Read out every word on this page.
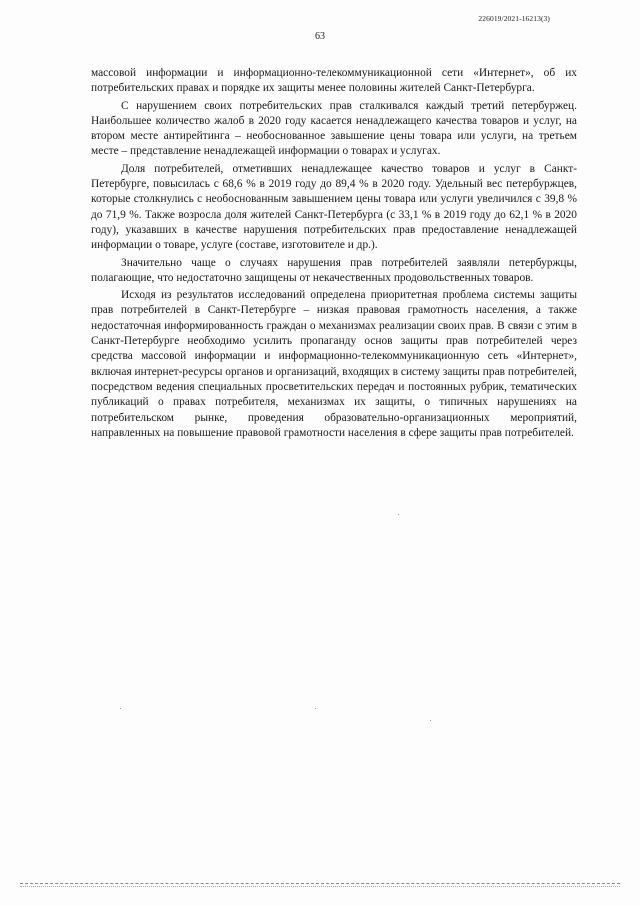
226019/2021-16213(3)
63

массовой информации и информационно-телекоммуникационной сети «Интернет», об их потребительских правах и порядке их защиты менее половины жителей Санкт-Петербурга.

С нарушением своих потребительских прав сталкивался каждый третий петербуржец. Наибольшее количество жалоб в 2020 году касается ненадлежащего качества товаров и услуг, на втором месте антирейтинга – необоснованное завышение цены товара или услуги, на третьем месте – представление ненадлежащей информации о товарах и услугах.

Доля потребителей, отметивших ненадлежащее качество товаров и услуг в Санкт-Петербурге, повысилась с 68,6 % в 2019 году до 89,4 % в 2020 году. Удельный вес петербуржцев, которые столкнулись с необоснованным завышением цены товара или услуги увеличился с 39,8 % до 71,9 %. Также возросла доля жителей Санкт-Петербурга (с 33,1 % в 2019 году до 62,1 % в 2020 году), указавших в качестве нарушения потребительских прав предоставление ненадлежащей информации о товаре, услуге (составе, изготовителе и др.).

Значительно чаще о случаях нарушения прав потребителей заявляли петербуржцы, полагающие, что недостаточно защищены от некачественных продовольственных товаров.

Исходя из результатов исследований определена приоритетная проблема системы защиты прав потребителей в Санкт-Петербурге – низкая правовая грамотность населения, а также недостаточная информированность граждан о механизмах реализации своих прав. В связи с этим в Санкт-Петербурге необходимо усилить пропаганду основ защиты прав потребителей через средства массовой информации и информационно-телекоммуникационную сеть «Интернет», включая интернет-ресурсы органов и организаций, входящих в систему защиты прав потребителей, посредством ведения специальных просветительских передач и постоянных рубрик, тематических публикаций о правах потребителя, механизмах их защиты, о типичных нарушениях на потребительском рынке, проведения образовательно-организационных мероприятий, направленных на повышение правовой грамотности населения в сфере защиты прав потребителей.
